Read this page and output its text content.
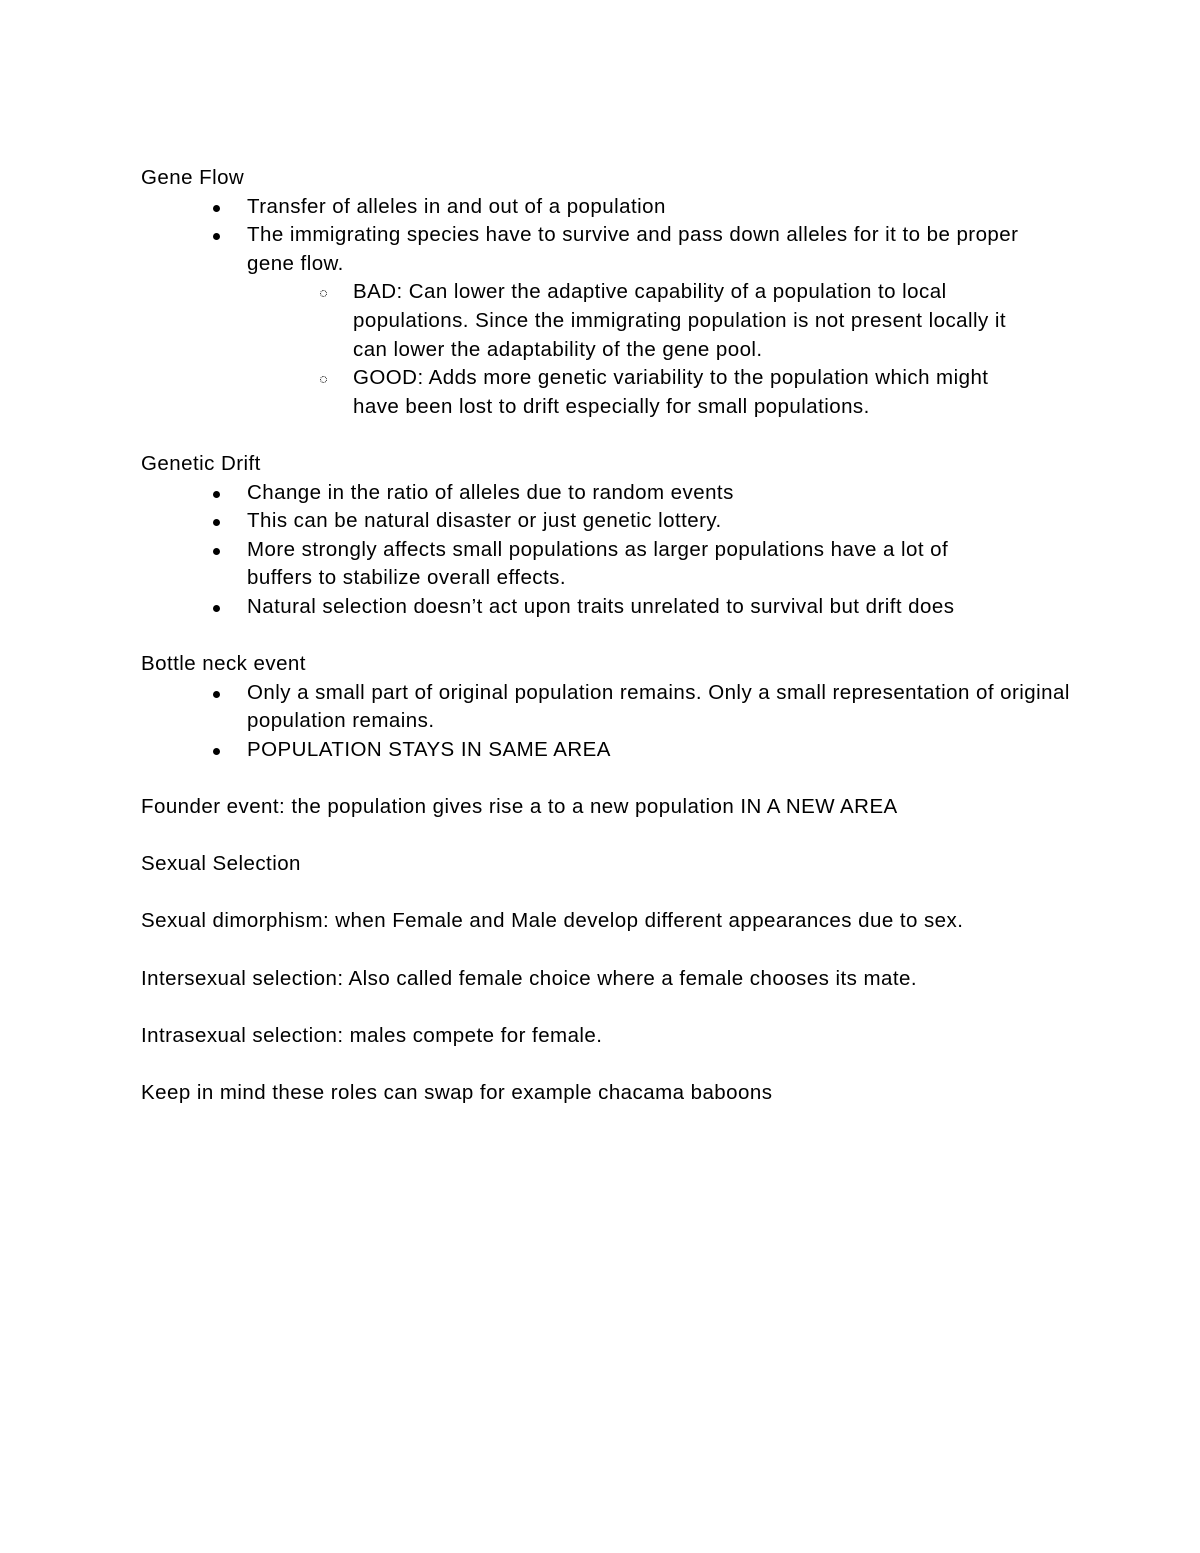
Gene Flow

Transfer of alleles in and out of a population
The immigrating species have to survive and pass down alleles for it to be proper gene flow.
BAD: Can lower the adaptive capability of a population to local populations. Since the immigrating population is not present locally it can lower the adaptability of the gene pool.
GOOD: Adds more genetic variability to the population which might have been lost to drift especially for small populations.

Genetic Drift

Change in the ratio of alleles due to random events
This can be natural disaster or just genetic lottery.
More strongly affects small populations as larger populations have a lot of buffers to stabilize overall effects.
Natural selection doesn’t act upon traits unrelated to survival but drift does

Bottle neck event

Only a small part of original population remains. Only a small representation of original population remains.
POPULATION STAYS IN SAME AREA

Founder event: the population gives rise a to a new population IN A NEW AREA

Sexual Selection

Sexual dimorphism: when Female and Male develop different appearances due to sex.

Intersexual selection: Also called female choice where a female chooses its mate.

Intrasexual selection: males compete for female.

Keep in mind these roles can swap for example chacama baboons
